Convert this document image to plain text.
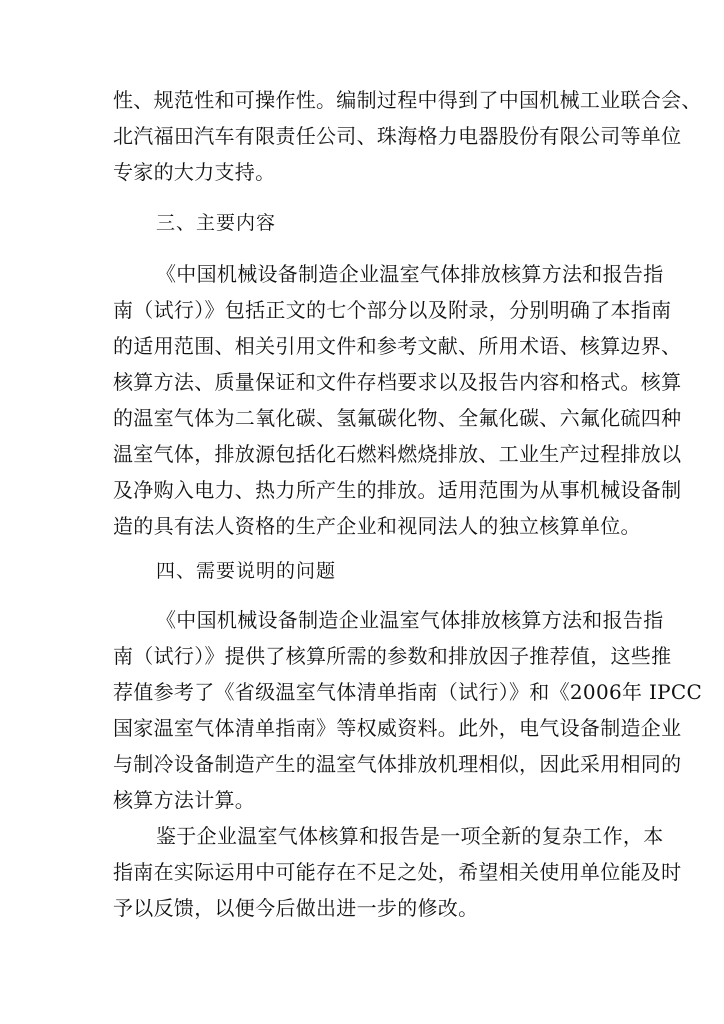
性、规范性和可操作性。编制过程中得到了中国机械工业联合会、
北汽福田汽车有限责任公司、珠海格力电器股份有限公司等单位
专家的大力支持。
三、主要内容
《中国机械设备制造企业温室气体排放核算方法和报告指
南（试行）》包括正文的七个部分以及附录，分别明确了本指南
的适用范围、相关引用文件和参考文献、所用术语、核算边界、
核算方法、质量保证和文件存档要求以及报告内容和格式。核算
的温室气体为二氧化碳、氢氟碳化物、全氟化碳、六氟化硫四种
温室气体，排放源包括化石燃料燃烧排放、工业生产过程排放以
及净购入电力、热力所产生的排放。适用范围为从事机械设备制
造的具有法人资格的生产企业和视同法人的独立核算单位。
四、需要说明的问题
《中国机械设备制造企业温室气体排放核算方法和报告指
南（试行）》提供了核算所需的参数和排放因子推荐值，这些推
荐值参考了《省级温室气体清单指南（试行）》和《2006年 IPCC
国家温室气体清单指南》等权威资料。此外，电气设备制造企业
与制冷设备制造产生的温室气体排放机理相似，因此采用相同的
核算方法计算。
鉴于企业温室气体核算和报告是一项全新的复杂工作，本
指南在实际运用中可能存在不足之处，希望相关使用单位能及时
予以反馈，以便今后做出进一步的修改。
